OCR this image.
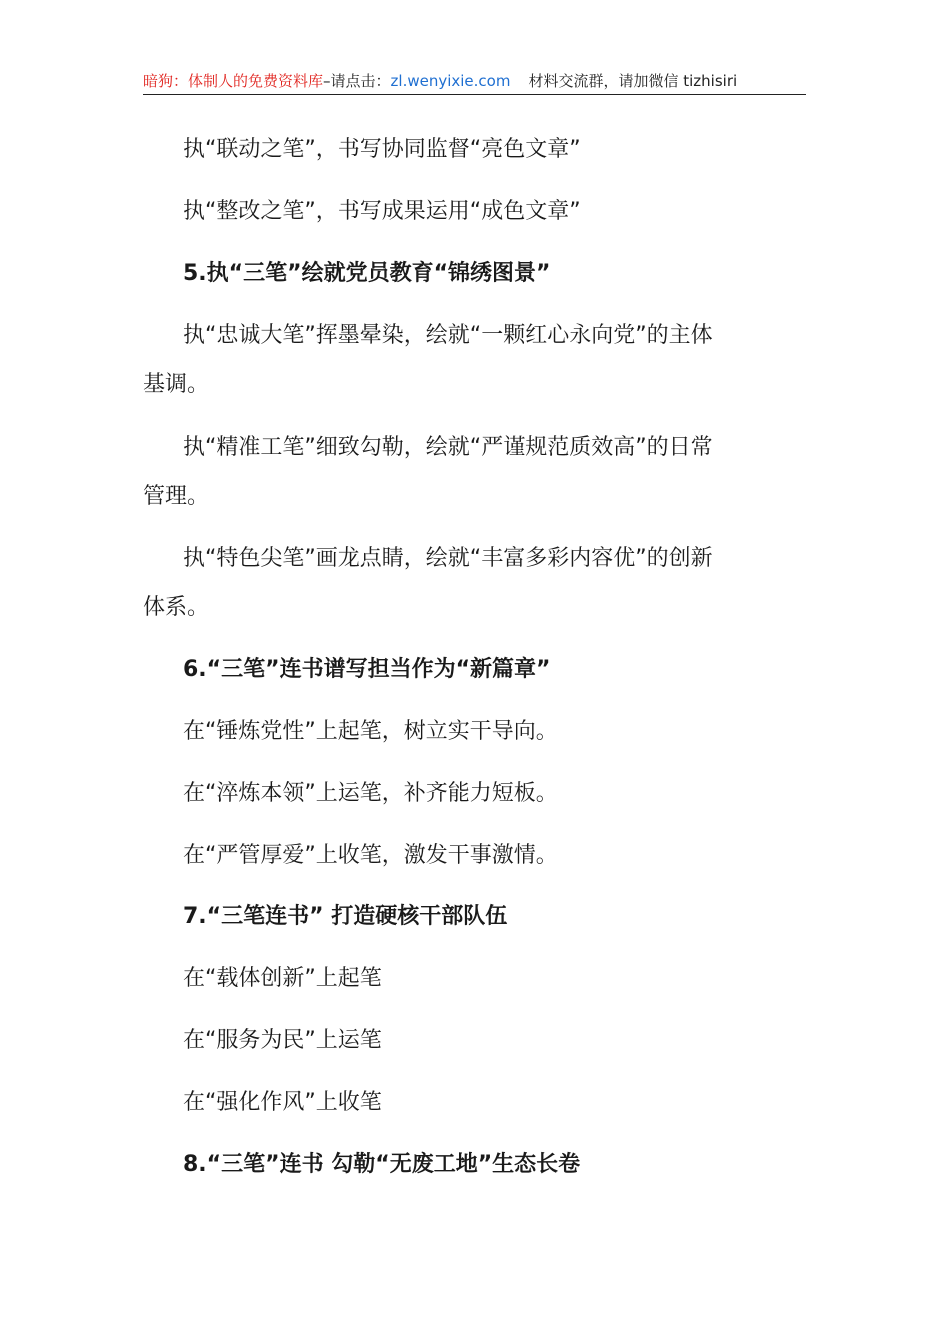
暗狗：体制人的免费资料库–请点击：zl.wenyixie.com 材料交流群，请加微信 tizhisiri
执“联动之笔”，书写协同监督“亮色文章”
执“整改之笔”，书写成果运用“成色文章”
5.执“三笔”绘就党员教育“锦绣图景”
执“忠诚大笔”挥墨晕染，绘就“一颗红心永向党”的主体
基调。
执“精准工笔”细致勾勒，绘就“严谨规范质效高”的日常
管理。
执“特色尖笔”画龙点睛，绘就“丰富多彩内容优”的创新
体系。
6.“三笔”连书谱写担当作为“新篇章”
在“锤炼党性”上起笔，树立实干导向。
在“淬炼本领”上运笔，补齐能力短板。
在“严管厚爱”上收笔，激发干事激情。
7.“三笔连书” 打造硬核干部队伍
在“载体创新”上起笔
在“服务为民”上运笔
在“强化作风”上收笔
8.“三笔”连书 勾勒“无废工地”生态长卷
